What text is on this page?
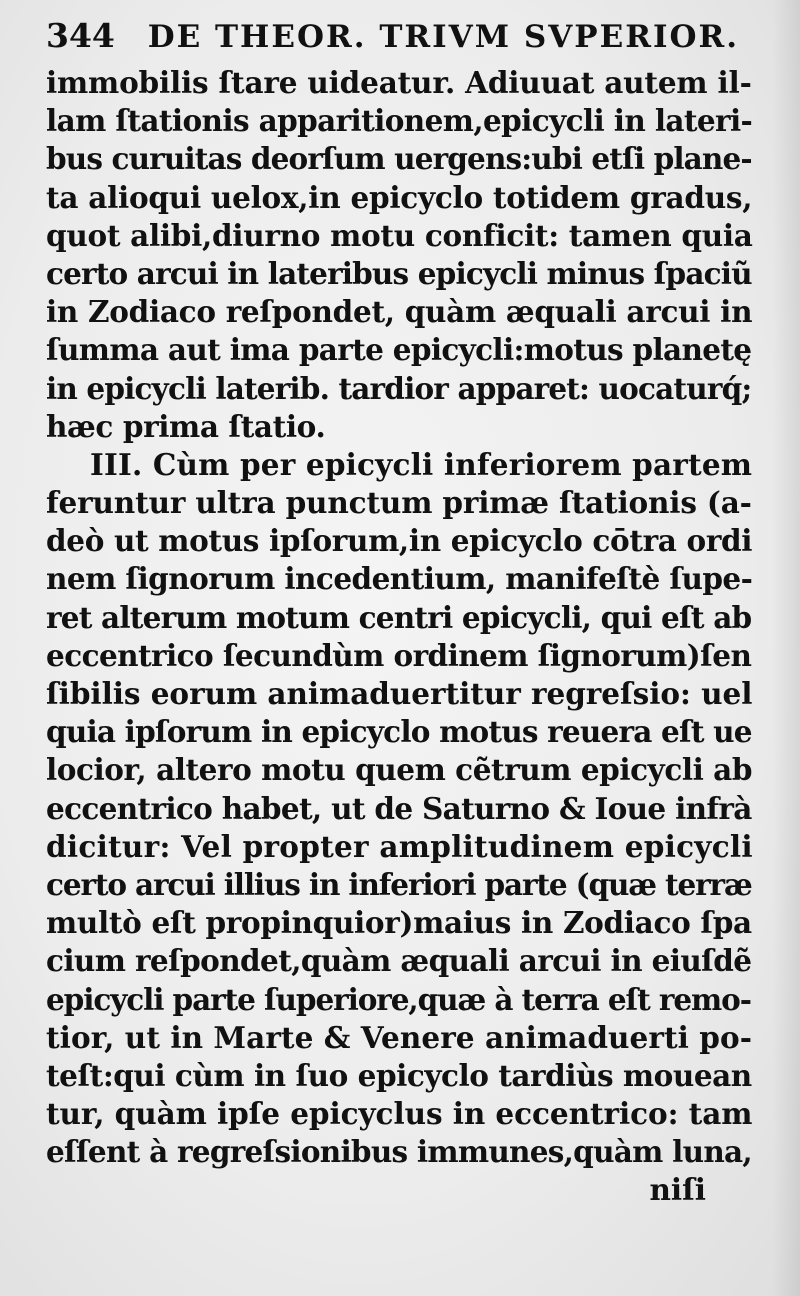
344 DE THEOR. TRIVM SVPERIOR.
immobilis ſtare uideatur. Adiuuat autem il-
lam ſtationis apparitionem,epicycli in lateri-
bus curuitas deorſum uergens:ubi etſi plane-
ta alioqui uelox,in epicyclo totidem gradus,
quot alibi,diurno motu conficit: tamen quia
certo arcui in lateribus epicycli minus ſpaciũ
in Zodiaco reſpondet, quàm æquali arcui in
ſumma aut ima parte epicycli:motus planetę
in epicycli laterib. tardior apparet: uocaturq́;
hæc prima ſtatio.
III. Cùm per epicycli inferiorem partem
feruntur ultra punctum primæ ſtationis (a-
deò ut motus ipſorum,in epicyclo cōtra ordi
nem ſignorum incedentium, manifeſtè ſupe-
ret alterum motum centri epicycli, qui eſt ab
eccentrico ſecundùm ordinem ſignorum)ſen
ſibilis eorum animaduertitur regreſsio: uel
quia ipſorum in epicyclo motus reuera eſt ue
locior, altero motu quem cẽtrum epicycli ab
eccentrico habet, ut de Saturno & Ioue infrà
dicitur: Vel propter amplitudinem epicycli
certo arcui illius in inferiori parte (quæ terræ
multò eſt propinquior)maius in Zodiaco ſpa
cium reſpondet,quàm æquali arcui in eiuſdẽ
epicycli parte ſuperiore,quæ à terra eſt remo-
tior, ut in Marte & Venere animaduerti po-
teſt:qui cùm in ſuo epicyclo tardiùs mouean
tur, quàm ipſe epicyclus in eccentrico: tam
eſſent à regreſsionibus immunes,quàm luna,
niſi
